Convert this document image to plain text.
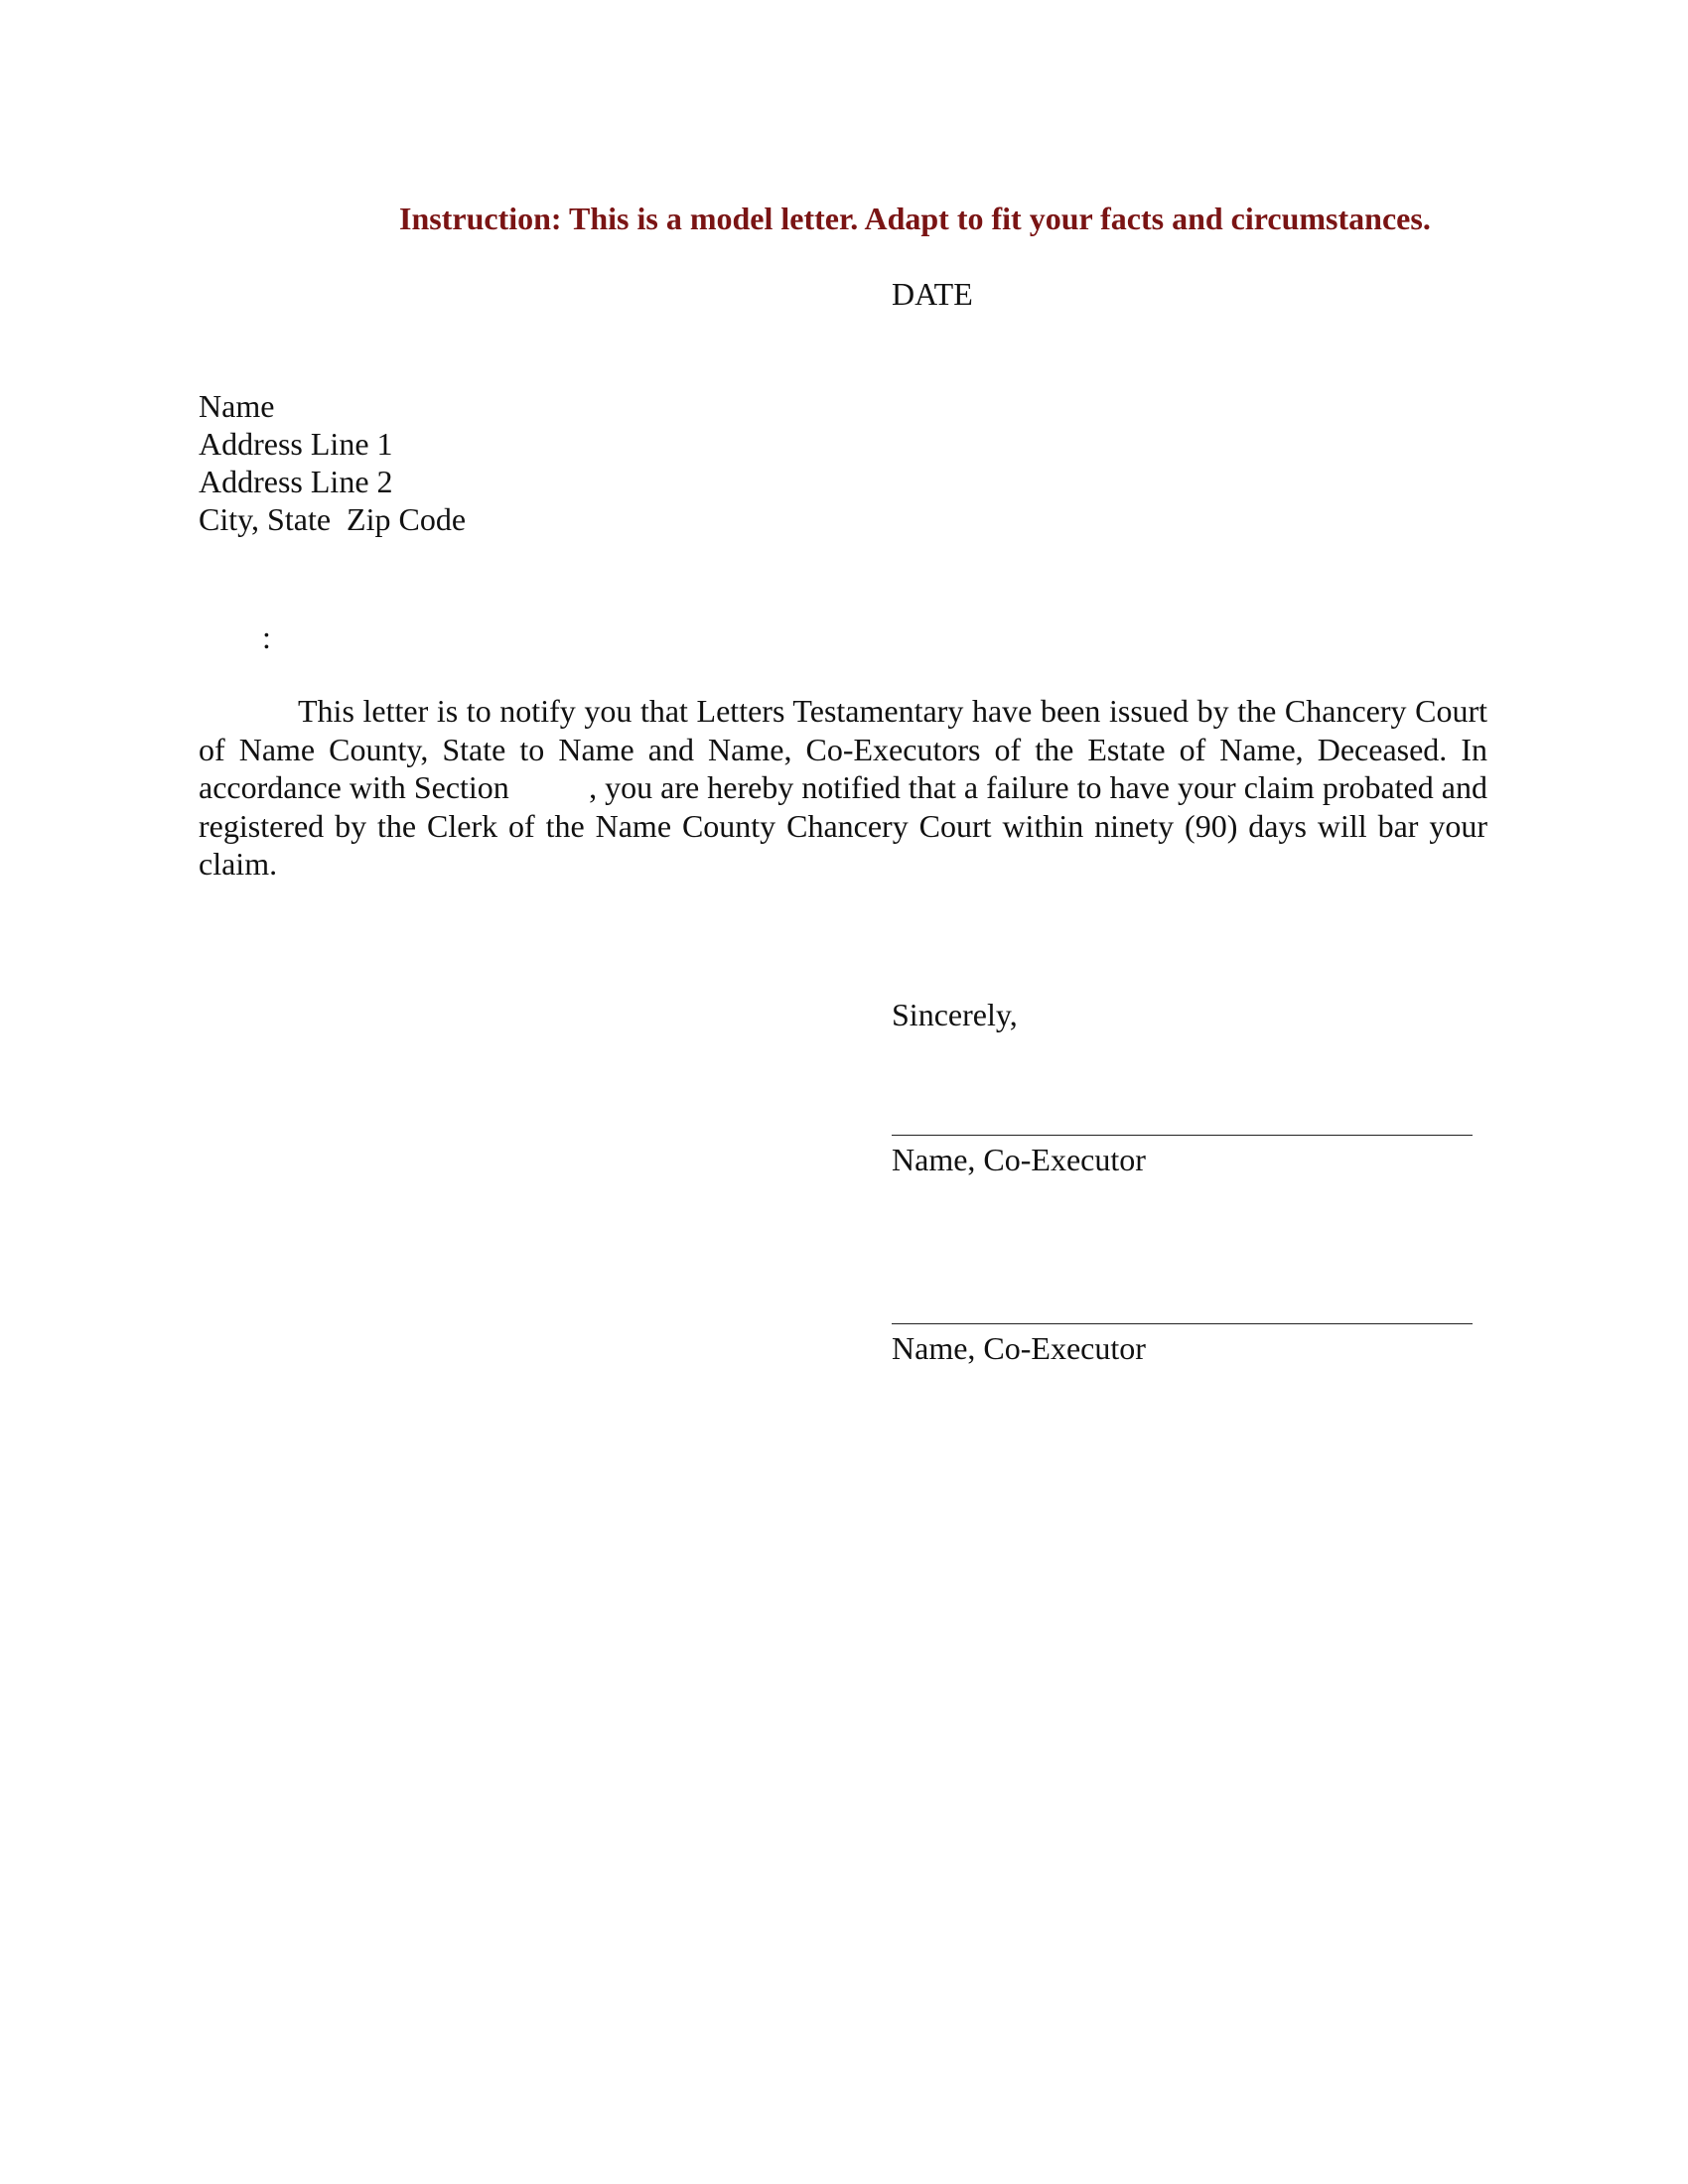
Instruction: This is a model letter. Adapt to fit your facts and circumstances.
DATE
Name
Address Line 1
Address Line 2
City, State  Zip Code
:
This letter is to notify you that Letters Testamentary have been issued by the Chancery Court of Name County, State to Name and Name, Co-Executors of the Estate of Name, Deceased. In accordance with Section          , you are hereby notified that a failure to have your claim probated and registered by the Clerk of the Name County Chancery Court within ninety (90) days will bar your claim.
Sincerely,
Name, Co-Executor
Name, Co-Executor
